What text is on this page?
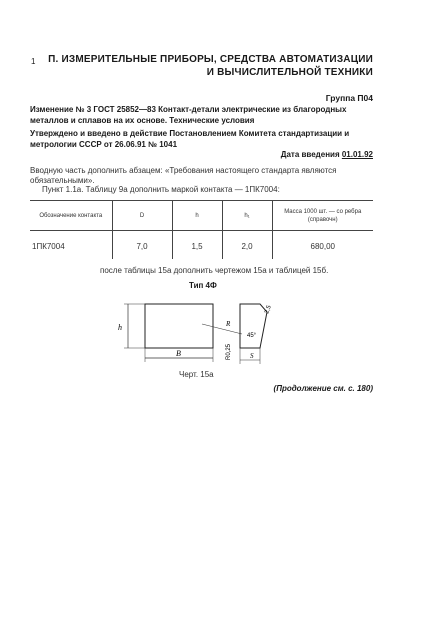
1 П. ИЗМЕРИТЕЛЬНЫЕ ПРИБОРЫ, СРЕДСТВА АВТОМАТИЗАЦИИ
И ВЫЧИСЛИТЕЛЬНОЙ ТЕХНИКИ
Группа П04
Изменение № 3 ГОСТ 25852—83 Контакт-детали электрические из благородных металлов и сплавов на их основе. Технические условия
Утверждено и введено в действие Постановлением Комитета стандартизации и метрологии СССР от 26.06.91 № 1041
Дата введения 01.01.92
Вводную часть дополнить абзацем: «Требования настоящего стандарта являются обязательными».
Пункт 1.1а. Таблицу 9а дополнить маркой контакта — 1ПК7004:
Обозначение контакта	D	h	h₁	Масса 1000 шт. — со ребра (справочн)
1ПК7004	7,0	1,5	2,0	680,00
после таблицы 15а дополнить чертежом 15а и таблицей 15б.
Тип 4Ф
h
В
R
S
2,5
R0,25
45°
Черт. 15а
(Продолжение см. с. 180)
